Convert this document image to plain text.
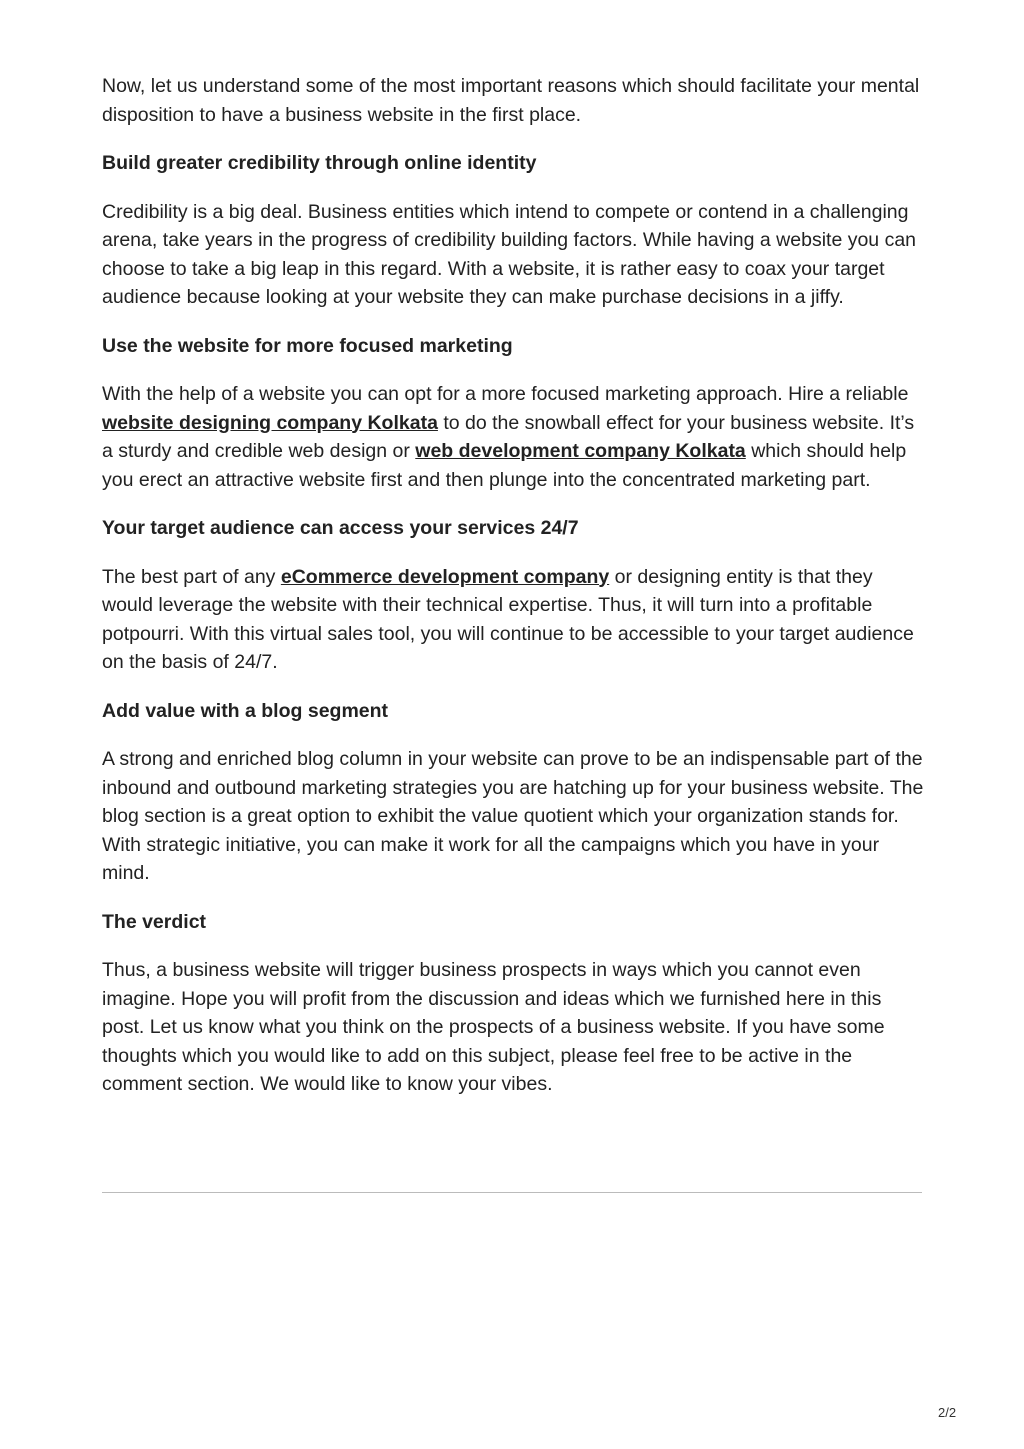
Now, let us understand some of the most important reasons which should facilitate your mental disposition to have a business website in the first place.

Build greater credibility through online identity

Credibility is a big deal. Business entities which intend to compete or contend in a challenging arena, take years in the progress of credibility building factors. While having a website you can choose to take a big leap in this regard. With a website, it is rather easy to coax your target audience because looking at your website they can make purchase decisions in a jiffy.

Use the website for more focused marketing

With the help of a website you can opt for a more focused marketing approach. Hire a reliable website designing company Kolkata to do the snowball effect for your business website. It’s a sturdy and credible web design or web development company Kolkata which should help you erect an attractive website first and then plunge into the concentrated marketing part.

Your target audience can access your services 24/7

The best part of any eCommerce development company or designing entity is that they would leverage the website with their technical expertise. Thus, it will turn into a profitable potpourri. With this virtual sales tool, you will continue to be accessible to your target audience on the basis of 24/7.

Add value with a blog segment

A strong and enriched blog column in your website can prove to be an indispensable part of the inbound and outbound marketing strategies you are hatching up for your business website. The blog section is a great option to exhibit the value quotient which your organization stands for. With strategic initiative, you can make it work for all the campaigns which you have in your mind.

The verdict

Thus, a business website will trigger business prospects in ways which you cannot even imagine. Hope you will profit from the discussion and ideas which we furnished here in this post. Let us know what you think on the prospects of a business website. If you have some thoughts which you would like to add on this subject, please feel free to be active in the comment section. We would like to know your vibes.

2/2
